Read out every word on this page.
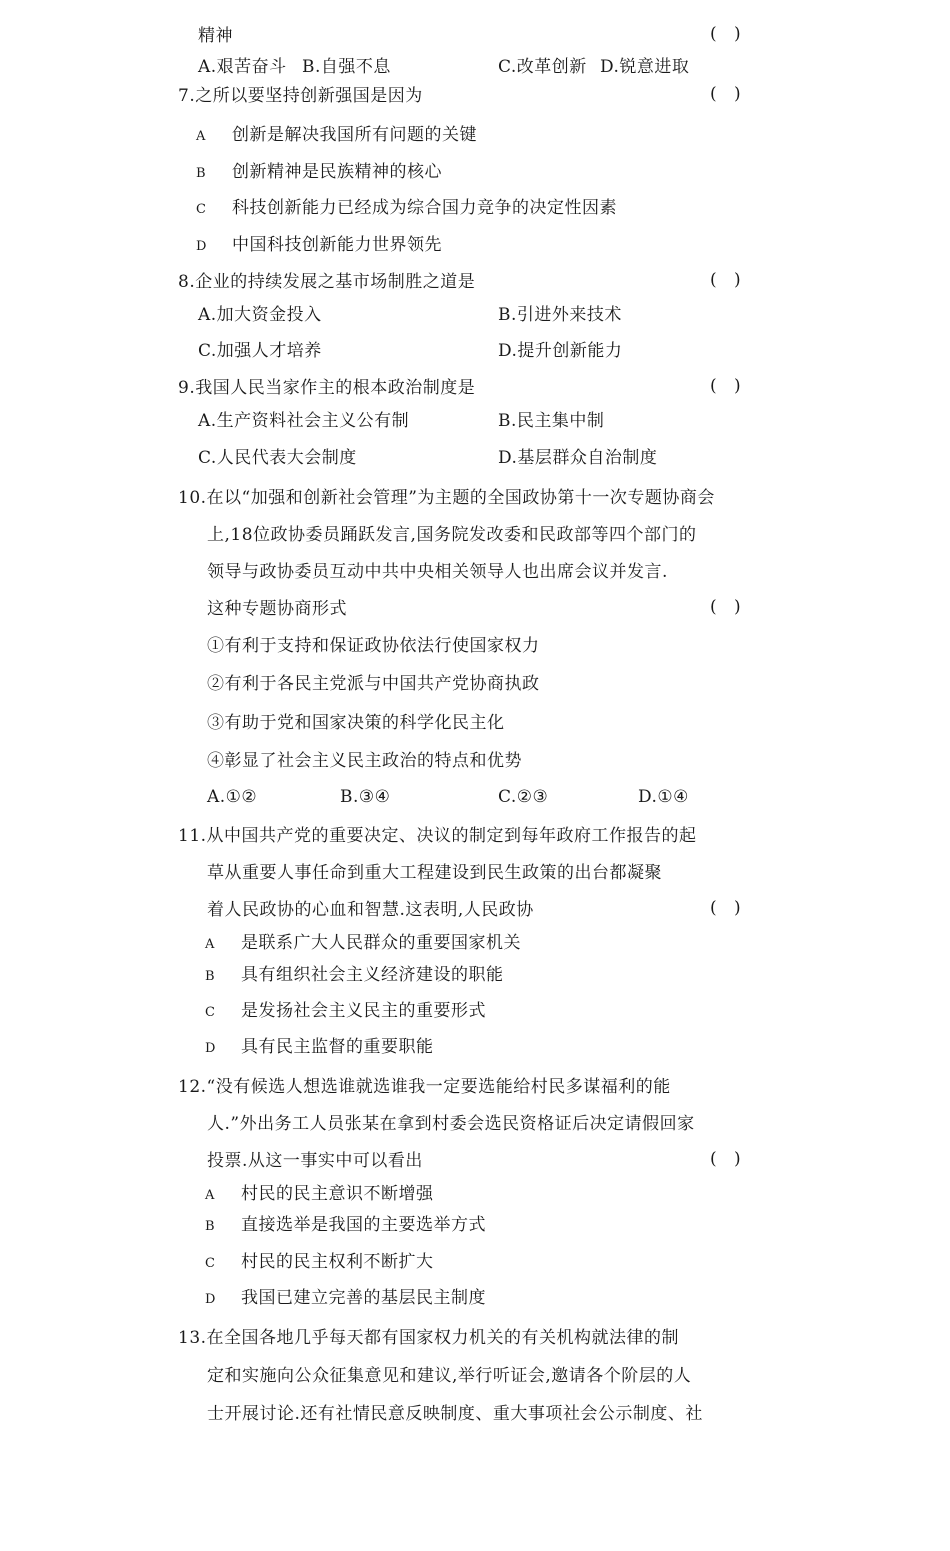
精神	( )
A.艰苦奋斗 B.自强不息	C.改革创新 D.锐意进取
7.之所以要坚持创新强国是因为	( )
A 创新是解决我国所有问题的关键
B 创新精神是民族精神的核心
C 科技创新能力已经成为综合国力竞争的决定性因素
D 中国科技创新能力世界领先
8.企业的持续发展之基市场制胜之道是	( )
A.加大资金投入	B.引进外来技术
C.加强人才培养	D.提升创新能力
9.我国人民当家作主的根本政治制度是	( )
A.生产资料社会主义公有制	B.民主集中制
C.人民代表大会制度	D.基层群众自治制度
10.在以“加强和创新社会管理”为主题的全国政协第十一次专题协商会
上,18位政协委员踊跃发言,国务院发改委和民政部等四个部门的
领导与政协委员互动中共中央相关领导人也出席会议并发言.
这种专题协商形式	( )
①有利于支持和保证政协依法行使国家权力
②有利于各民主党派与中国共产党协商执政
③有助于党和国家决策的科学化民主化
④彰显了社会主义民主政治的特点和优势
A.①②	B.③④	C.②③	D.①④
11.从中国共产党的重要决定、决议的制定到每年政府工作报告的起
草从重要人事任命到重大工程建设到民生政策的出台都凝聚
着人民政协的心血和智慧.这表明,人民政协	( )
A 是联系广大人民群众的重要国家机关
B 具有组织社会主义经济建设的职能
C 是发扬社会主义民主的重要形式
D 具有民主监督的重要职能
12.“没有候选人想选谁就选谁我一定要选能给村民多谋福利的能
人.”外出务工人员张某在拿到村委会选民资格证后决定请假回家
投票.从这一事实中可以看出	( )
A 村民的民主意识不断增强
B 直接选举是我国的主要选举方式
C 村民的民主权利不断扩大
D 我国已建立完善的基层民主制度
13.在全国各地几乎每天都有国家权力机关的有关机构就法律的制
定和实施向公众征集意见和建议,举行听证会,邀请各个阶层的人
士开展讨论.还有社情民意反映制度、重大事项社会公示制度、社
